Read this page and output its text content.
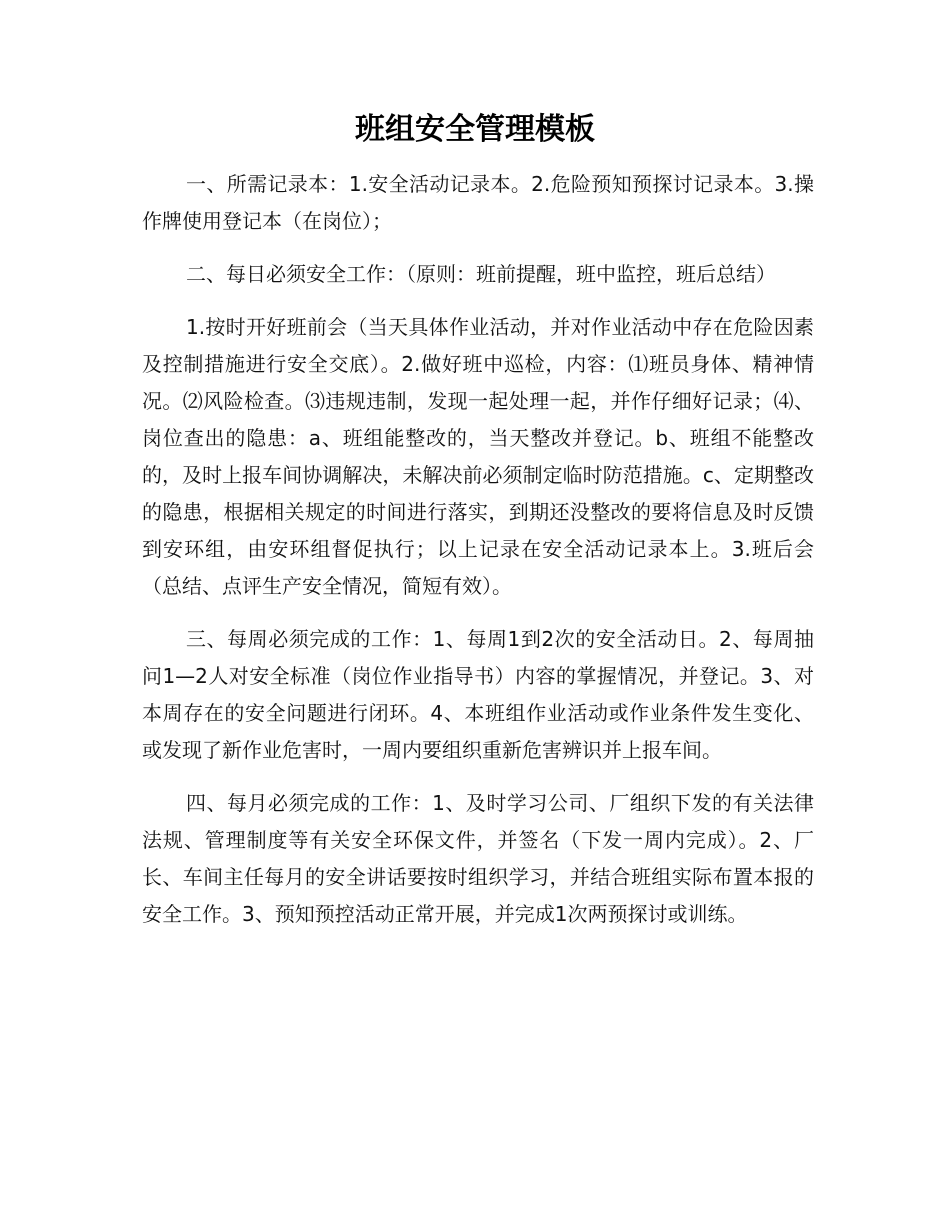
班组安全管理模板

一、所需记录本：1.安全活动记录本。2.危险预知预探讨记录本。3.操作牌使用登记本（在岗位）；

二、每日必须安全工作：（原则：班前提醒，班中监控，班后总结）

1.按时开好班前会（当天具体作业活动，并对作业活动中存在危险因素及控制措施进行安全交底）。2.做好班中巡检，内容：⑴班员身体、精神情况。⑵风险检查。⑶违规违制，发现一起处理一起，并作仔细好记录；⑷、岗位查出的隐患：a、班组能整改的，当天整改并登记。b、班组不能整改的，及时上报车间协调解决，未解决前必须制定临时防范措施。c、定期整改的隐患，根据相关规定的时间进行落实，到期还没整改的要将信息及时反馈到安环组，由安环组督促执行；以上记录在安全活动记录本上。3.班后会（总结、点评生产安全情况，简短有效）。

三、每周必须完成的工作：1、每周1到2次的安全活动日。2、每周抽问1—2人对安全标准（岗位作业指导书）内容的掌握情况，并登记。3、对本周存在的安全问题进行闭环。4、本班组作业活动或作业条件发生变化、或发现了新作业危害时，一周内要组织重新危害辨识并上报车间。

四、每月必须完成的工作：1、及时学习公司、厂组织下发的有关法律法规、管理制度等有关安全环保文件，并签名（下发一周内完成）。2、厂长、车间主任每月的安全讲话要按时组织学习，并结合班组实际布置本报的安全工作。3、预知预控活动正常开展，并完成1次两预探讨或训练。
